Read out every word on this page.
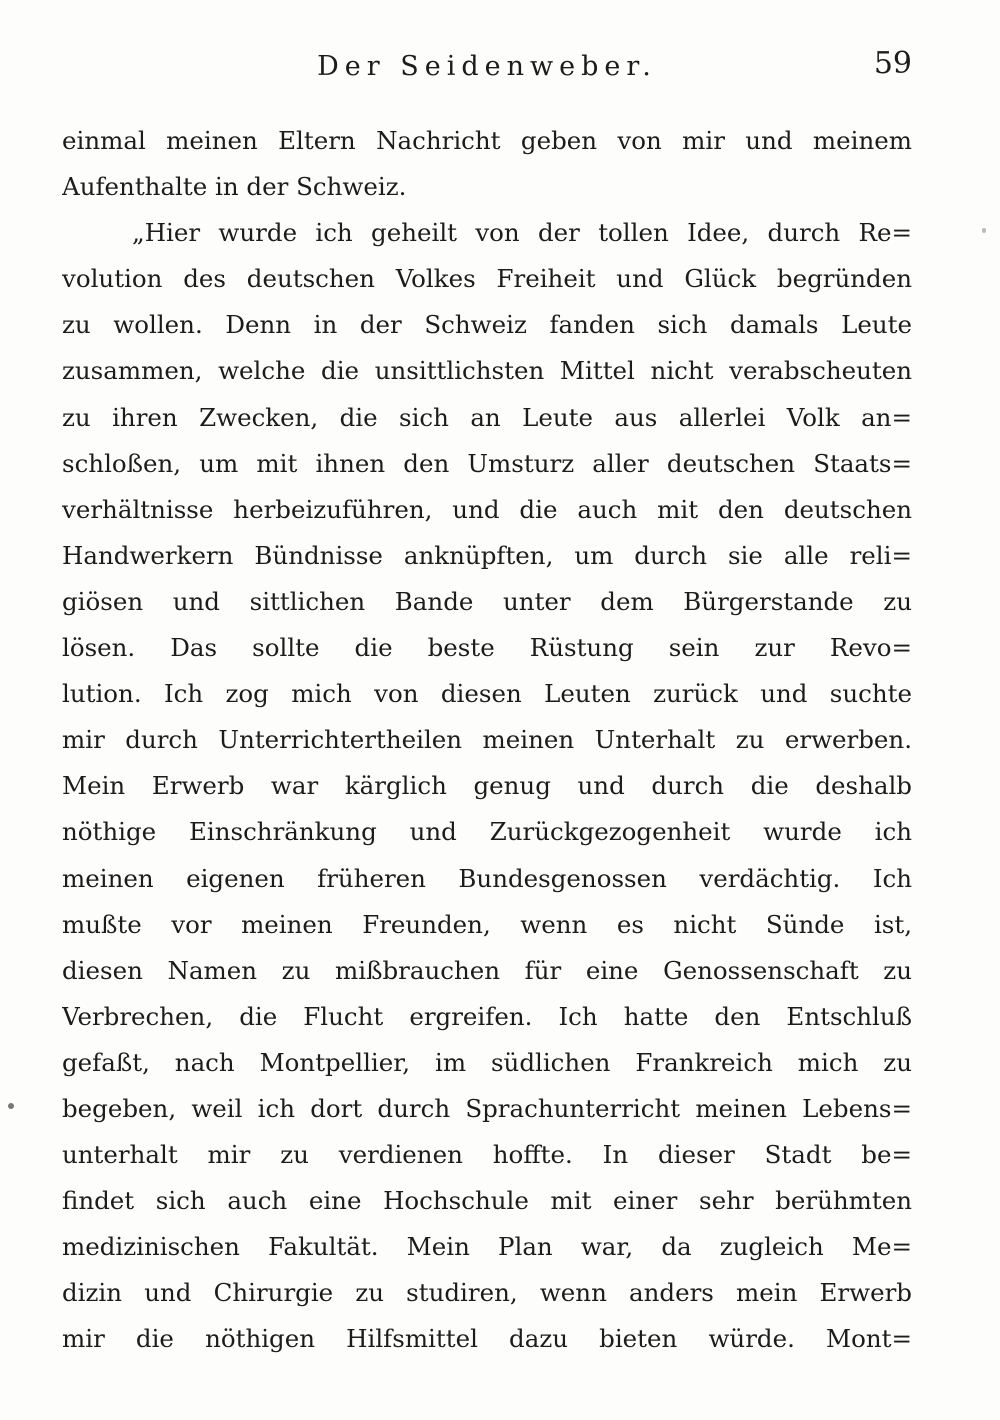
Der Seidenweber.	59
einmal meinen Eltern Nachricht geben von mir und meinem
Aufenthalte in der Schweiz.
„Hier wurde ich geheilt von der tollen Idee, durch Re=
volution des deutschen Volkes Freiheit und Glück begründen
zu wollen. Denn in der Schweiz fanden sich damals Leute
zusammen, welche die unsittlichsten Mittel nicht verabscheuten
zu ihren Zwecken, die sich an Leute aus allerlei Volk an=
schloßen, um mit ihnen den Umsturz aller deutschen Staats=
verhältnisse herbeizuführen, und die auch mit den deutschen
Handwerkern Bündnisse anknüpften, um durch sie alle reli=
giösen und sittlichen Bande unter dem Bürgerstande zu
lösen. Das sollte die beste Rüstung sein zur Revo=
lution. Ich zog mich von diesen Leuten zurück und suchte
mir durch Unterrichtertheilen meinen Unterhalt zu erwerben.
Mein Erwerb war kärglich genug und durch die deshalb
nöthige Einschränkung und Zurückgezogenheit wurde ich
meinen eigenen früheren Bundesgenossen verdächtig. Ich
mußte vor meinen Freunden, wenn es nicht Sünde ist,
diesen Namen zu mißbrauchen für eine Genossenschaft zu
Verbrechen, die Flucht ergreifen. Ich hatte den Entschluß
gefaßt, nach Montpellier, im südlichen Frankreich mich zu
begeben, weil ich dort durch Sprachunterricht meinen Lebens=
unterhalt mir zu verdienen hoffte. In dieser Stadt be=
findet sich auch eine Hochschule mit einer sehr berühmten
medizinischen Fakultät. Mein Plan war, da zugleich Me=
dizin und Chirurgie zu studiren, wenn anders mein Erwerb
mir die nöthigen Hilfsmittel dazu bieten würde. Mont=
